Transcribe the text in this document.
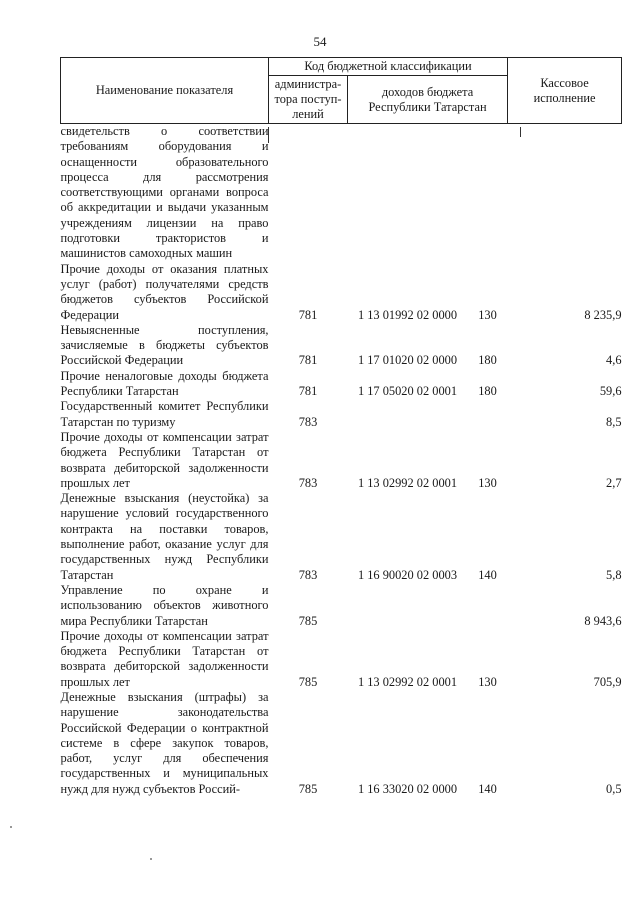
54
Наименование показателя	Код бюджетной классификации			Кассовое исполнение
	администра-тора поступ-лений	доходов бюджета Республики Татарстан		
свидетельств о соответствии требованиям оборудования и оснащенности образовательного процесса для рассмотрения соответствующими органами вопроса об аккредитации и выдачи указанным учреждениям лицензии на право подготовки трактористов и машинистов самоходных машин				
Прочие доходы от оказания платных услуг (работ) получателями средств бюджетов субъектов Российской Федерации	781	1 13 01992 02 0000	130	8 235,9
Невыясненные поступления, зачисляемые в бюджеты субъектов Российской Федерации	781	1 17 01020 02 0000	180	4,6
Прочие неналоговые доходы бюджета Республики Татарстан	781	1 17 05020 02 0001	180	59,6
Государственный комитет Республики Татарстан по туризму	783			8,5
Прочие доходы от компенсации затрат бюджета Республики Татарстан от возврата дебиторской задолженности прошлых лет	783	1 13 02992 02 0001	130	2,7
Денежные взыскания (неустойка) за нарушение условий государственного контракта на поставки товаров, выполнение работ, оказание услуг для государственных нужд Республики Татарстан	783	1 16 90020 02 0003	140	5,8
Управление по охране и использованию объектов животного мира Республики Татарстан	785			8 943,6
Прочие доходы от компенсации затрат бюджета Республики Татарстан от возврата дебиторской задолженности прошлых лет	785	1 13 02992 02 0001	130	705,9
Денежные взыскания (штрафы) за нарушение законодательства Российской Федерации о контрактной системе в сфере закупок товаров, работ, услуг для обеспечения государственных и муниципальных нужд для нужд субъектов Россий-	785	1 16 33020 02 0000	140	0,5
